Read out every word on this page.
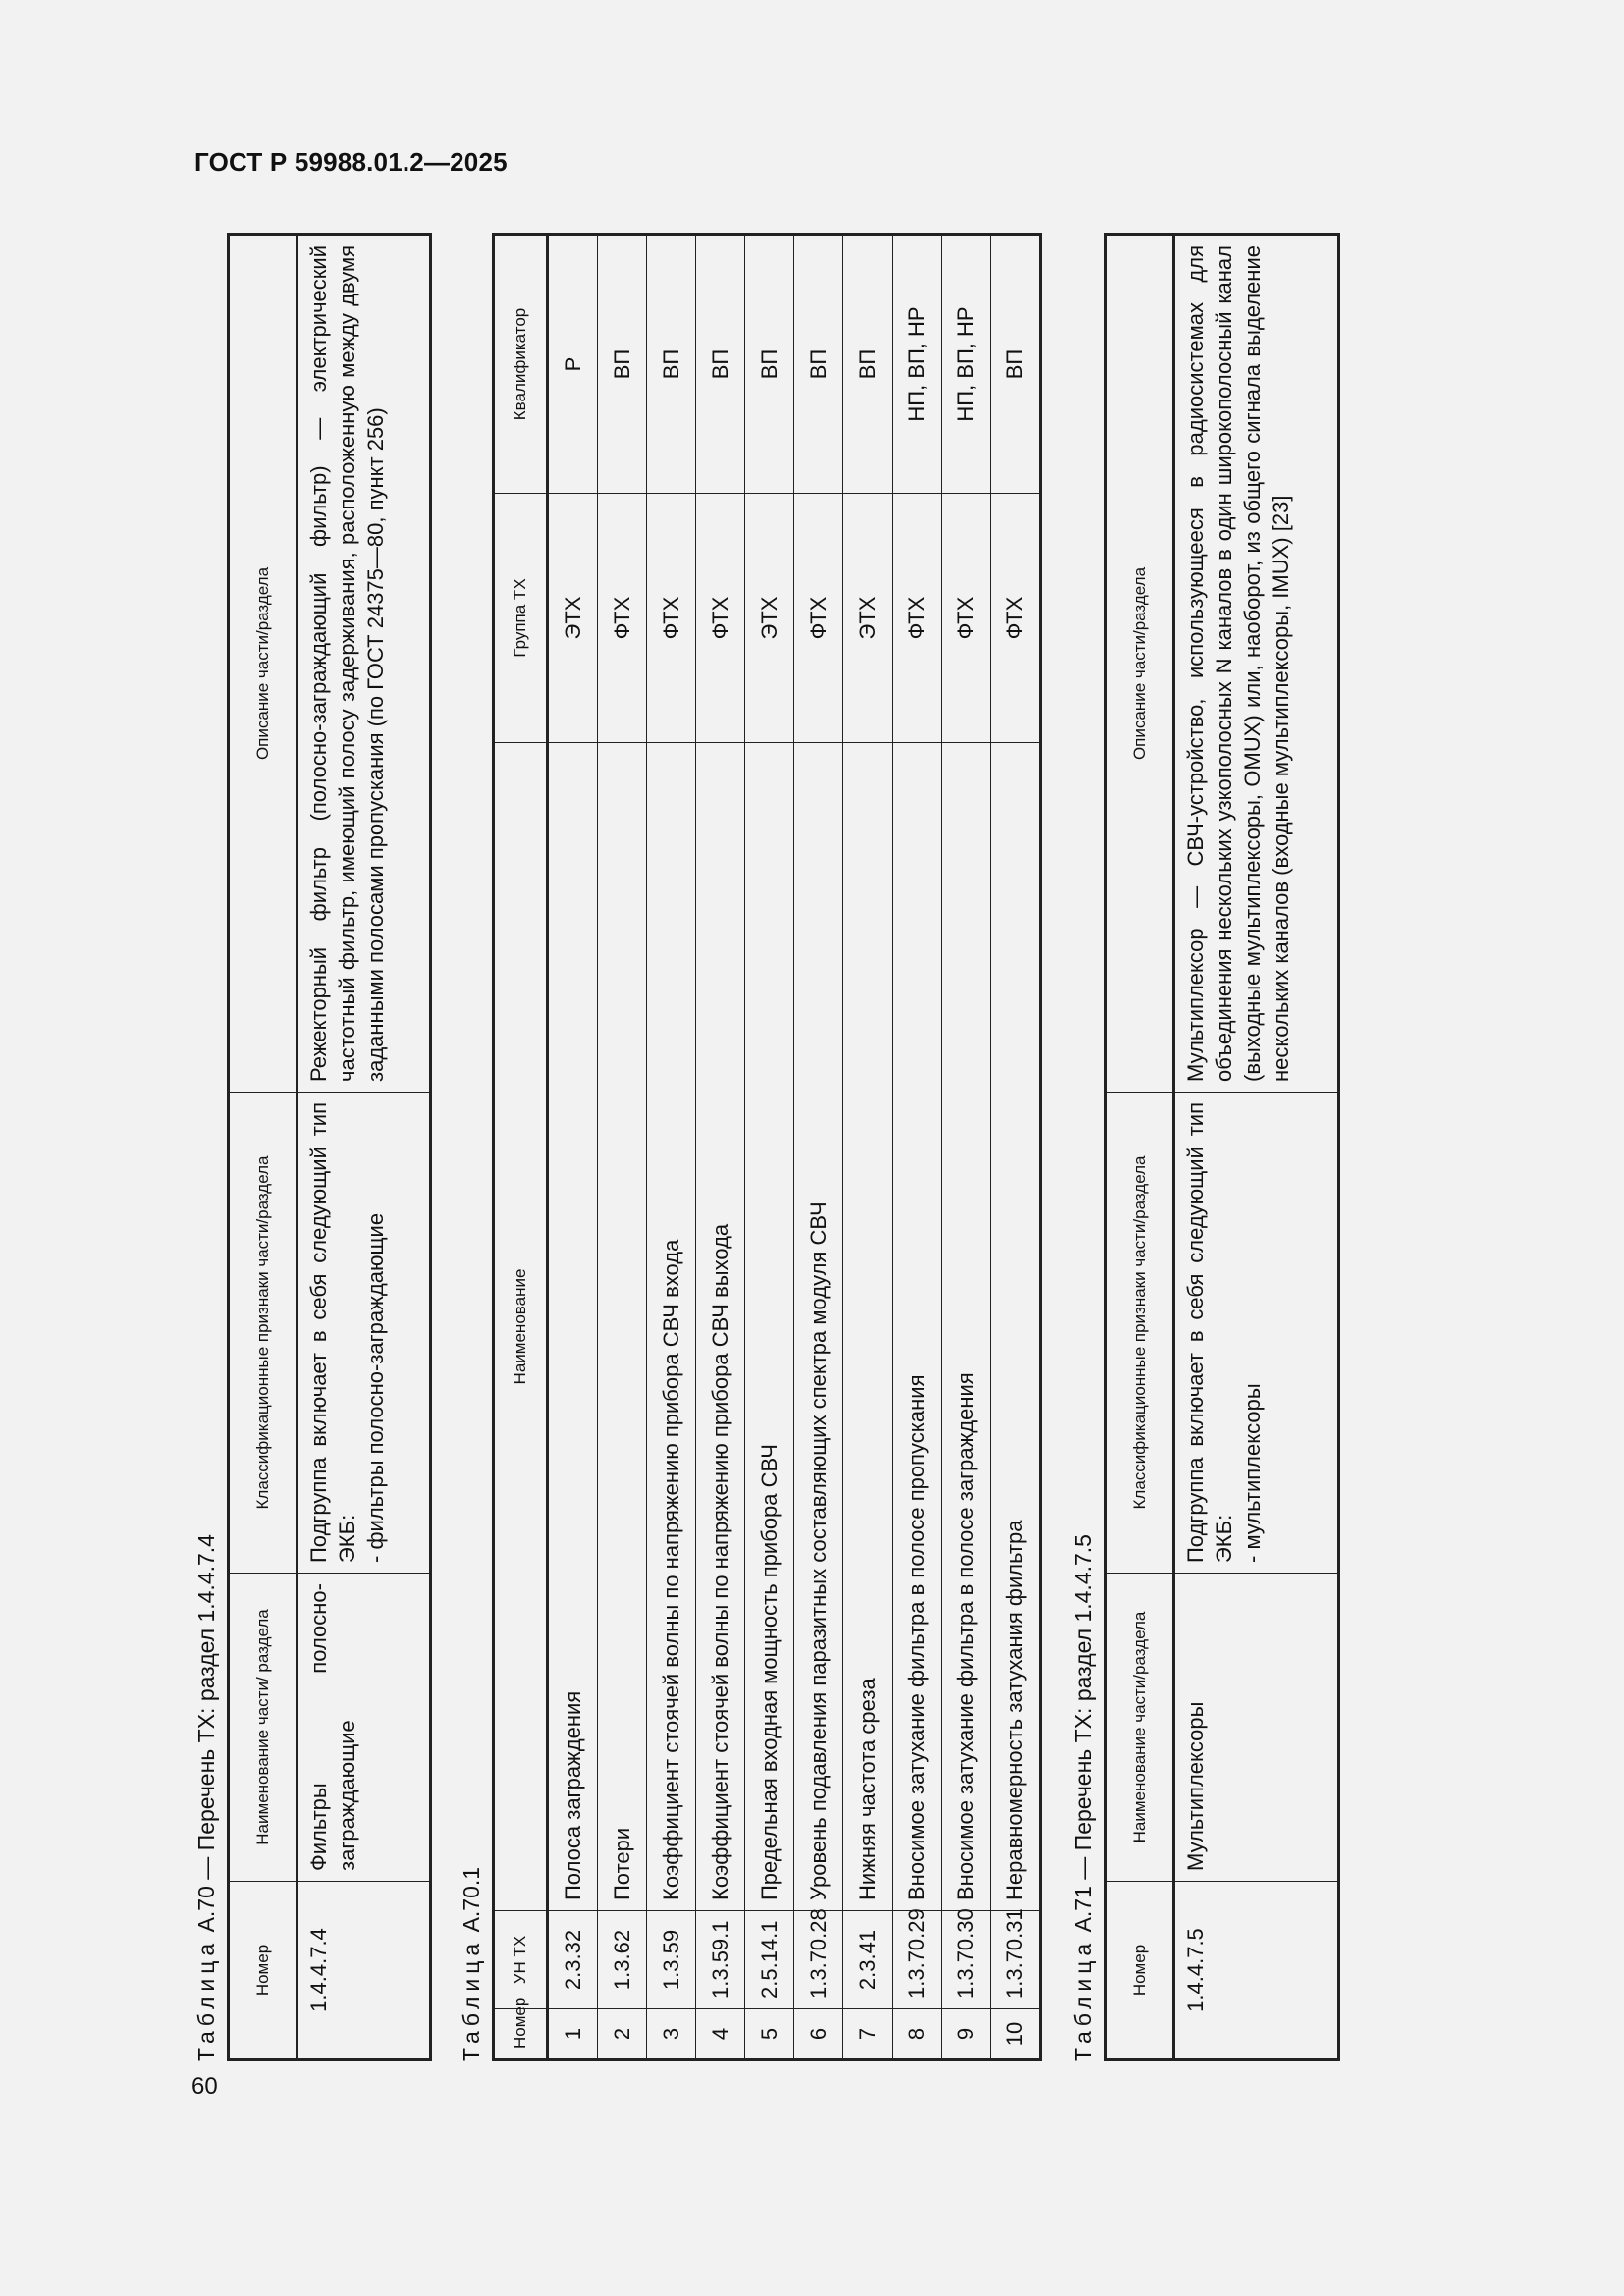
ГОСТ Р 59988.01.2—2025
60
Таблица А.70 — Перечень ТХ: раздел 1.4.4.7.4
Номер	Наименование части/ раздела	Классификационные признаки части/раздела	Описание части/раздела
1.4.4.7.4	Фильтры полосно-заграждающие	Подгруппа включает в себя следующий тип ЭКБ: - фильтры полосно-заграждающие	Режекторный фильтр (полосно-заграждающий фильтр) — электрический частотный фильтр, имеющий полосу задерживания, расположенную между двумя заданными полосами пропускания (по ГОСТ 24375—80, пункт 256)
Таблица А.70.1
Номер	УН ТХ	Наименование	Группа ТХ	Квалификатор
1	2.3.32	Полоса заграждения	ЭТХ	Р
2	1.3.62	Потери	ФТХ	ВП
3	1.3.59	Коэффициент стоячей волны по напряжению прибора СВЧ входа	ФТХ	ВП
4	1.3.59.1	Коэффициент стоячей волны по напряжению прибора СВЧ выхода	ФТХ	ВП
5	2.5.14.1	Предельная входная мощность прибора СВЧ	ЭТХ	ВП
6	1.3.70.28	Уровень подавления паразитных составляющих спектра модуля СВЧ	ФТХ	ВП
7	2.3.41	Нижняя частота среза	ЭТХ	ВП
8	1.3.70.29	Вносимое затухание фильтра в полосе пропускания	ФТХ	НП, ВП, НР
9	1.3.70.30	Вносимое затухание фильтра в полосе заграждения	ФТХ	НП, ВП, НР
10	1.3.70.31	Неравномерность затухания фильтра	ФТХ	ВП
Таблица А.71 — Перечень ТХ: раздел 1.4.4.7.5
Номер	Наименование части/раздела	Классификационные признаки части/раздела	Описание части/раздела
1.4.4.7.5	Мультиплексоры	Подгруппа включает в себя следующий тип ЭКБ: - мультиплексоры	Мультиплексор — СВЧ-устройство, использующееся в радиосистемах для объединения нескольких узкополосных N каналов в один широкополосный канал (выходные мультиплексоры, OMUX) или, наоборот, из общего сигнала выделение нескольких каналов (входные мультиплексоры, IMUX) [23]
